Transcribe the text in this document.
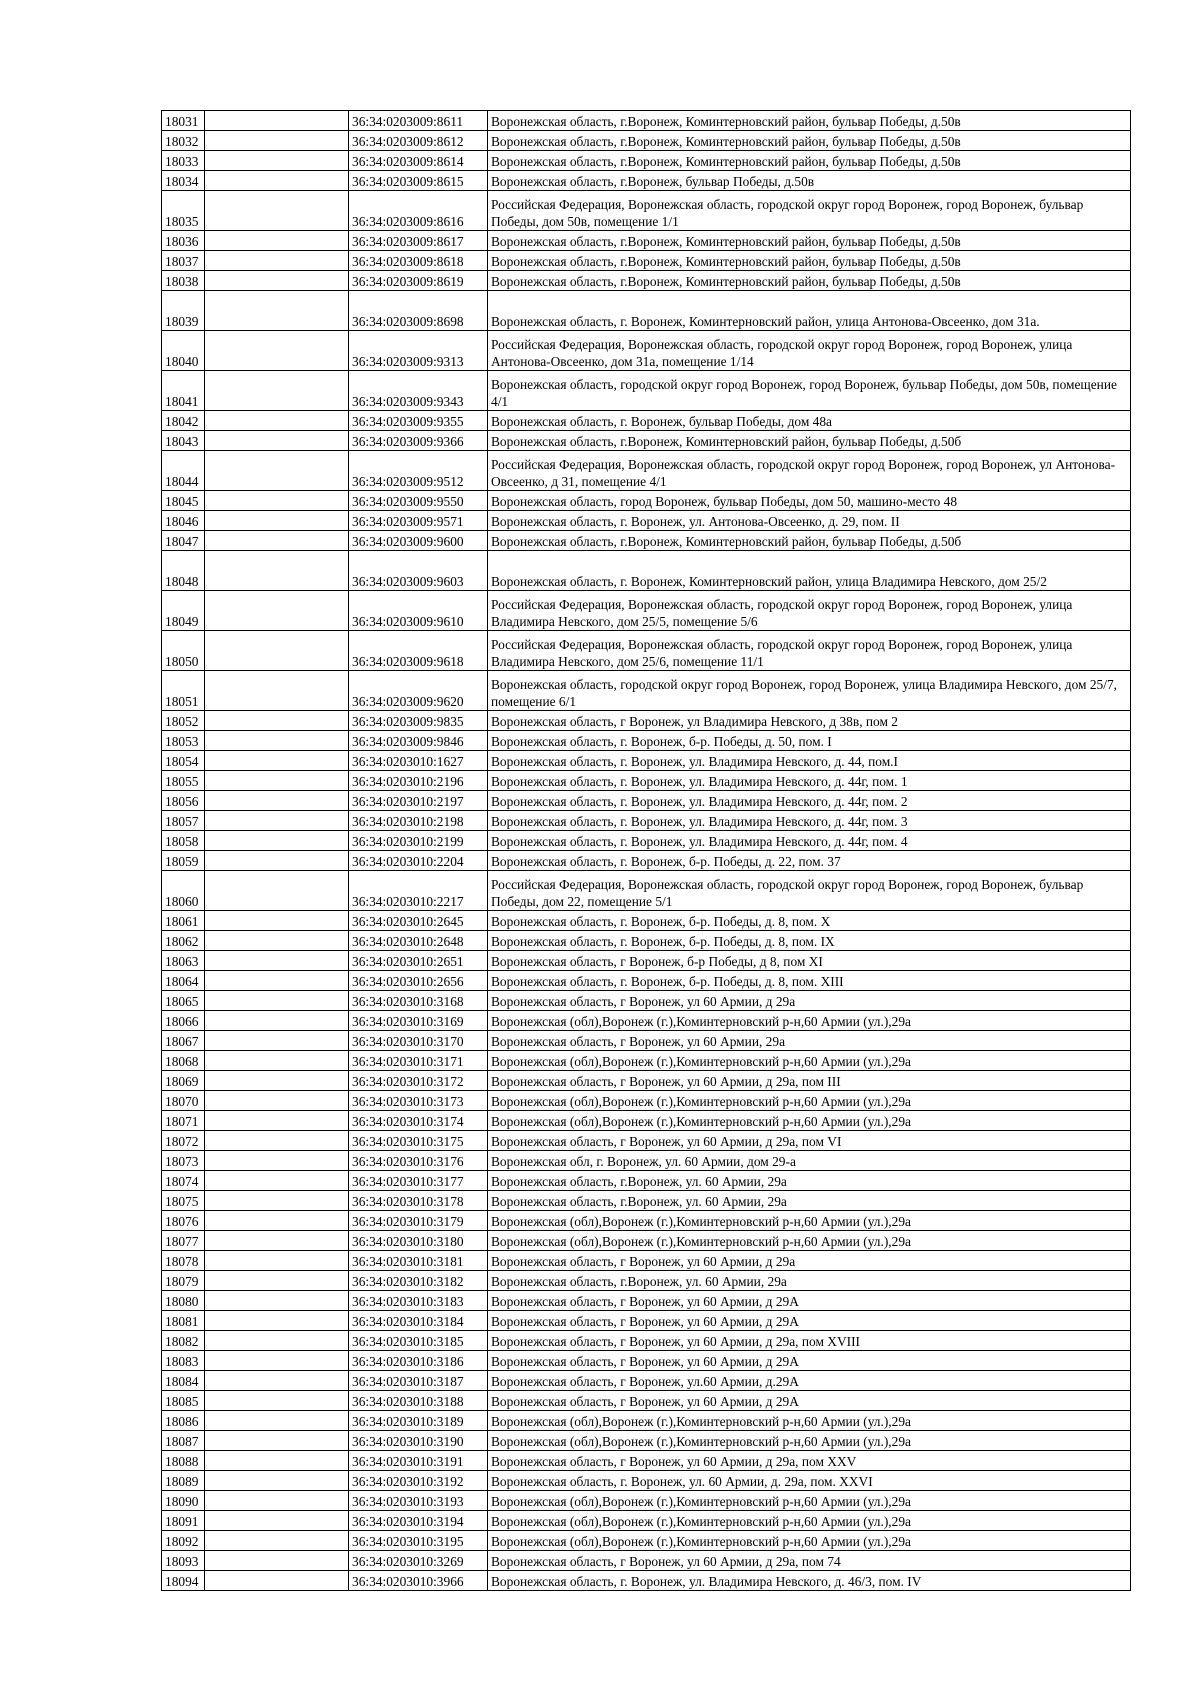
18031		36:34:0203009:8611	Воронежская область, г.Воронеж, Коминтерновский район, бульвар Победы, д.50в
18032		36:34:0203009:8612	Воронежская область, г.Воронеж, Коминтерновский район, бульвар Победы, д.50в
18033		36:34:0203009:8614	Воронежская область, г.Воронеж, Коминтерновский район, бульвар Победы, д.50в
18034		36:34:0203009:8615	Воронежская область, г.Воронеж, бульвар Победы, д.50в
18035		36:34:0203009:8616	Российская Федерация, Воронежская область, городской округ город Воронеж, город Воронеж, бульвар Победы, дом 50в, помещение 1/1
18036		36:34:0203009:8617	Воронежская область, г.Воронеж, Коминтерновский район, бульвар Победы, д.50в
18037		36:34:0203009:8618	Воронежская область, г.Воронеж, Коминтерновский район, бульвар Победы, д.50в
18038		36:34:0203009:8619	Воронежская область, г.Воронеж, Коминтерновский район, бульвар Победы, д.50в
18039		36:34:0203009:8698	Воронежская область, г. Воронеж, Коминтерновский район, улица Антонова-Овсеенко, дом 31а.
18040		36:34:0203009:9313	Российская Федерация, Воронежская область, городской округ город Воронеж, город Воронеж, улица Антонова-Овсеенко, дом 31а, помещение 1/14
18041		36:34:0203009:9343	Воронежская область, городской округ город Воронеж, город Воронеж, бульвар Победы, дом 50в, помещение 4/1
18042		36:34:0203009:9355	Воронежская область, г. Воронеж, бульвар Победы, дом 48а
18043		36:34:0203009:9366	Воронежская область, г.Воронеж, Коминтерновский район, бульвар Победы, д.50б
18044		36:34:0203009:9512	Российская Федерация, Воронежская область, городской округ город Воронеж, город Воронеж, ул Антонова-Овсеенко, д 31, помещение 4/1
18045		36:34:0203009:9550	Воронежская область, город Воронеж, бульвар Победы, дом 50, машино-место 48
18046		36:34:0203009:9571	Воронежская область, г. Воронеж, ул. Антонова-Овсеенко, д. 29, пом. II
18047		36:34:0203009:9600	Воронежская область, г.Воронеж, Коминтерновский район, бульвар Победы, д.50б
18048		36:34:0203009:9603	Воронежская область, г. Воронеж, Коминтерновский район, улица Владимира Невского, дом 25/2
18049		36:34:0203009:9610	Российская Федерация, Воронежская область, городской округ город Воронеж, город Воронеж, улица Владимира Невского, дом 25/5, помещение 5/6
18050		36:34:0203009:9618	Российская Федерация, Воронежская область, городской округ город Воронеж, город Воронеж, улица Владимира Невского, дом 25/6, помещение 11/1
18051		36:34:0203009:9620	Воронежская область, городской округ город Воронеж, город Воронеж, улица Владимира Невского, дом 25/7, помещение 6/1
18052		36:34:0203009:9835	Воронежская область, г Воронеж, ул Владимира Невского, д 38в, пом 2
18053		36:34:0203009:9846	Воронежская область, г. Воронеж, б-р. Победы, д. 50, пом. I
18054		36:34:0203010:1627	Воронежская область, г. Воронеж, ул. Владимира Невского, д. 44, пом.I
18055		36:34:0203010:2196	Воронежская область, г. Воронеж, ул. Владимира Невского, д. 44г, пом. 1
18056		36:34:0203010:2197	Воронежская область, г. Воронеж, ул. Владимира Невского, д. 44г, пом. 2
18057		36:34:0203010:2198	Воронежская область, г. Воронеж, ул. Владимира Невского, д. 44г, пом. 3
18058		36:34:0203010:2199	Воронежская область, г. Воронеж, ул. Владимира Невского, д. 44г, пом. 4
18059		36:34:0203010:2204	Воронежская область, г. Воронеж, б-р. Победы, д. 22, пом. 37
18060		36:34:0203010:2217	Российская Федерация, Воронежская область, городской округ город Воронеж, город Воронеж, бульвар Победы, дом 22, помещение 5/1
18061		36:34:0203010:2645	Воронежская область, г. Воронеж, б-р. Победы, д. 8, пом. X
18062		36:34:0203010:2648	Воронежская область, г. Воронеж, б-р. Победы, д. 8, пом. IX
18063		36:34:0203010:2651	Воронежская область, г Воронеж, б-р Победы, д 8, пом XI
18064		36:34:0203010:2656	Воронежская область, г. Воронеж, б-р. Победы, д. 8, пом. XIII
18065		36:34:0203010:3168	Воронежская область, г Воронеж, ул 60 Армии, д 29а
18066		36:34:0203010:3169	Воронежская (обл),Воронеж (г.),Коминтерновский р-н,60 Армии (ул.),29а
18067		36:34:0203010:3170	Воронежская область, г Воронеж, ул 60 Армии, 29а
18068		36:34:0203010:3171	Воронежская (обл),Воронеж (г.),Коминтерновский р-н,60 Армии (ул.),29а
18069		36:34:0203010:3172	Воронежская область, г Воронеж, ул 60 Армии, д 29а, пом III
18070		36:34:0203010:3173	Воронежская (обл),Воронеж (г.),Коминтерновский р-н,60 Армии (ул.),29а
18071		36:34:0203010:3174	Воронежская (обл),Воронеж (г.),Коминтерновский р-н,60 Армии (ул.),29а
18072		36:34:0203010:3175	Воронежская область, г Воронеж, ул 60 Армии, д 29а, пом VI
18073		36:34:0203010:3176	Воронежская обл, г. Воронеж, ул. 60 Армии, дом 29-а
18074		36:34:0203010:3177	Воронежская область, г.Воронеж, ул. 60 Армии, 29а
18075		36:34:0203010:3178	Воронежская область, г.Воронеж, ул. 60 Армии, 29а
18076		36:34:0203010:3179	Воронежская (обл),Воронеж (г.),Коминтерновский р-н,60 Армии (ул.),29а
18077		36:34:0203010:3180	Воронежская (обл),Воронеж (г.),Коминтерновский р-н,60 Армии (ул.),29а
18078		36:34:0203010:3181	Воронежская область, г Воронеж, ул 60 Армии, д 29а
18079		36:34:0203010:3182	Воронежская область, г.Воронеж, ул. 60 Армии, 29а
18080		36:34:0203010:3183	Воронежская область, г Воронеж, ул 60 Армии, д 29А
18081		36:34:0203010:3184	Воронежская область, г Воронеж, ул 60 Армии, д 29А
18082		36:34:0203010:3185	Воронежская область, г Воронеж, ул 60 Армии, д 29а, пом XVIII
18083		36:34:0203010:3186	Воронежская область, г Воронеж, ул 60 Армии, д 29А
18084		36:34:0203010:3187	Воронежская область, г Воронеж, ул.60 Армии, д.29А
18085		36:34:0203010:3188	Воронежская область, г Воронеж, ул 60 Армии, д 29А
18086		36:34:0203010:3189	Воронежская (обл),Воронеж (г.),Коминтерновский р-н,60 Армии (ул.),29а
18087		36:34:0203010:3190	Воронежская (обл),Воронеж (г.),Коминтерновский р-н,60 Армии (ул.),29а
18088		36:34:0203010:3191	Воронежская область, г Воронеж, ул 60 Армии, д 29а, пом XXV
18089		36:34:0203010:3192	Воронежская область, г. Воронеж, ул. 60 Армии, д. 29а, пом. XXVI
18090		36:34:0203010:3193	Воронежская (обл),Воронеж (г.),Коминтерновский р-н,60 Армии (ул.),29а
18091		36:34:0203010:3194	Воронежская (обл),Воронеж (г.),Коминтерновский р-н,60 Армии (ул.),29а
18092		36:34:0203010:3195	Воронежская (обл),Воронеж (г.),Коминтерновский р-н,60 Армии (ул.),29а
18093		36:34:0203010:3269	Воронежская область, г Воронеж, ул 60 Армии, д 29а, пом 74
18094		36:34:0203010:3966	Воронежская область, г. Воронеж, ул. Владимира Невского, д. 46/3, пом. IV
